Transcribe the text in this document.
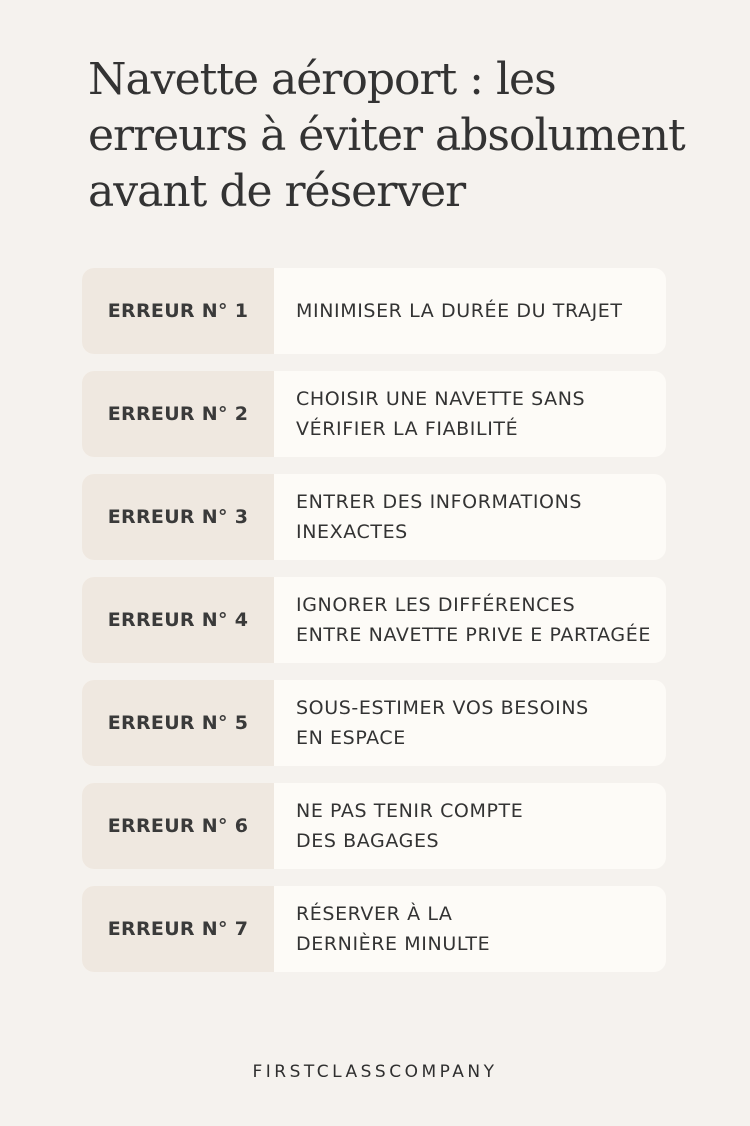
Navette aéroport : les
erreurs à éviter absolument
avant de réserver
ERREUR N° 1	MINIMISER LA DURÉE DU TRAJET
ERREUR N° 2
CHOISIR UNE NAVETTE SANS
VÉRIFIER LA FIABILITÉ
ERREUR N° 3
ENTRER DES INFORMATIONS
INEXACTES
ERREUR N° 4
IGNORER LES DIFFÉRENCES
ENTRE NAVETTE PRIVE E PARTAGÉE
ERREUR N° 5
SOUS-ESTIMER VOS BESOINS
EN ESPACE
ERREUR N° 6
NE PAS TENIR COMPTE
DES BAGAGES
ERREUR N° 7
RÉSERVER À LA
DERNIÈRE MINULTE
FIRSTCLASSCOMPANY
